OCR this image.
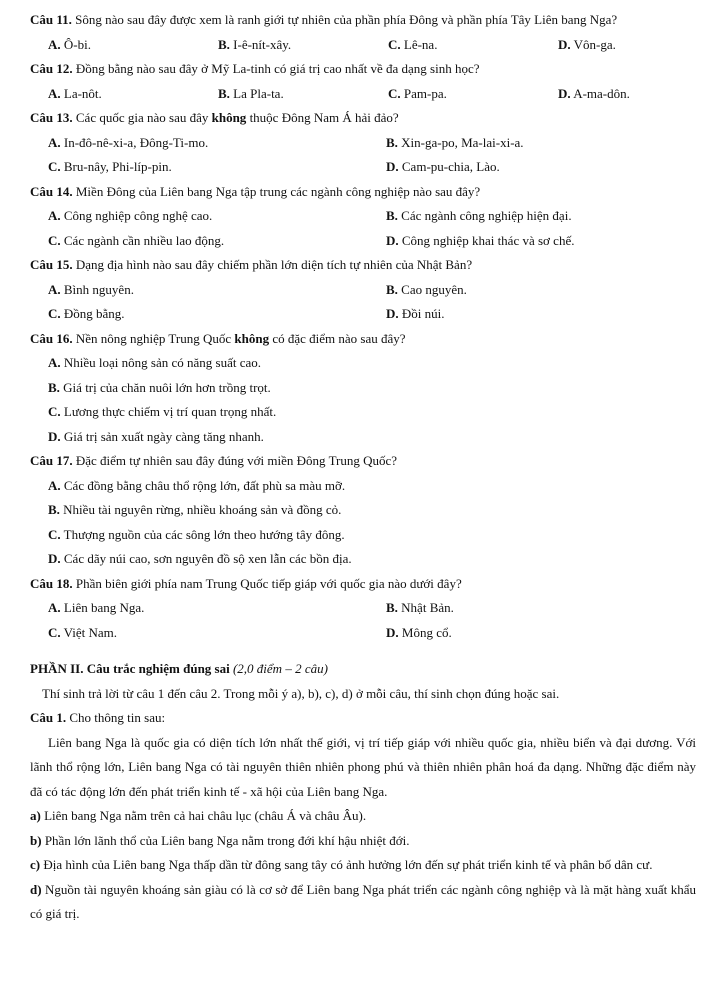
Câu 11. Sông nào sau đây được xem là ranh giới tự nhiên của phần phía Đông và phần phía Tây Liên bang Nga?
A. Ô-bi.	B. I-ê-nít-xây.	C. Lê-na.	D. Vôn-ga.
Câu 12. Đồng bằng nào sau đây ở Mỹ La-tinh có giá trị cao nhất về đa dạng sinh học?
A. La-nôt.	B. La Pla-ta.	C. Pam-pa.	D. A-ma-dôn.
Câu 13. Các quốc gia nào sau đây không thuộc Đông Nam Á hải đảo?
A. In-đô-nê-xi-a, Đông-Ti-mo.	B. Xin-ga-po, Ma-lai-xi-a.
C. Bru-nây, Phi-líp-pin.	D. Cam-pu-chia, Lào.
Câu 14. Miền Đông của Liên bang Nga tập trung các ngành công nghiệp nào sau đây?
A. Công nghiệp công nghệ cao.	B. Các ngành công nghiệp hiện đại.
C. Các ngành cần nhiều lao động.	D. Công nghiệp khai thác và sơ chế.
Câu 15. Dạng địa hình nào sau đây chiếm phần lớn diện tích tự nhiên của Nhật Bản?
A. Bình nguyên.	B. Cao nguyên.
C. Đồng bằng.	D. Đồi núi.
Câu 16. Nền nông nghiệp Trung Quốc không có đặc điểm nào sau đây?
A. Nhiều loại nông sản có năng suất cao.
B. Giá trị của chăn nuôi lớn hơn trồng trọt.
C. Lương thực chiếm vị trí quan trọng nhất.
D. Giá trị sản xuất ngày càng tăng nhanh.
Câu 17. Đặc điểm tự nhiên sau đây đúng với miền Đông Trung Quốc?
A. Các đồng bằng châu thổ rộng lớn, đất phù sa màu mỡ.
B. Nhiều tài nguyên rừng, nhiều khoáng sản và đồng cỏ.
C. Thượng nguồn của các sông lớn theo hướng tây đông.
D. Các dãy núi cao, sơn nguyên đồ sộ xen lẫn các bồn địa.
Câu 18. Phần biên giới phía nam Trung Quốc tiếp giáp với quốc gia nào dưới đây?
A. Liên bang Nga.	B. Nhật Bản.
C. Việt Nam.	D. Mông cổ.
PHẦN II. Câu trắc nghiệm đúng sai (2,0 điểm – 2 câu)
Thí sinh trả lời từ câu 1 đến câu 2. Trong mỗi ý a), b), c), d) ở mỗi câu, thí sinh chọn đúng hoặc sai.
Câu 1. Cho thông tin sau:
Liên bang Nga là quốc gia có diện tích lớn nhất thế giới, vị trí tiếp giáp với nhiều quốc gia, nhiều biển và đại dương. Với lãnh thổ rộng lớn, Liên bang Nga có tài nguyên thiên nhiên phong phú và thiên nhiên phân hoá đa dạng. Những đặc điểm này đã có tác động lớn đến phát triển kinh tế - xã hội của Liên bang Nga.
a) Liên bang Nga nằm trên cả hai châu lục (châu Á và châu Âu).
b) Phần lớn lãnh thổ của Liên bang Nga nằm trong đới khí hậu nhiệt đới.
c) Địa hình của Liên bang Nga thấp dần từ đông sang tây có ảnh hưởng lớn đến sự phát triển kinh tế và phân bố dân cư.
d) Nguồn tài nguyên khoáng sản giàu có là cơ sở để Liên bang Nga phát triển các ngành công nghiệp và là mặt hàng xuất khẩu có giá trị.
